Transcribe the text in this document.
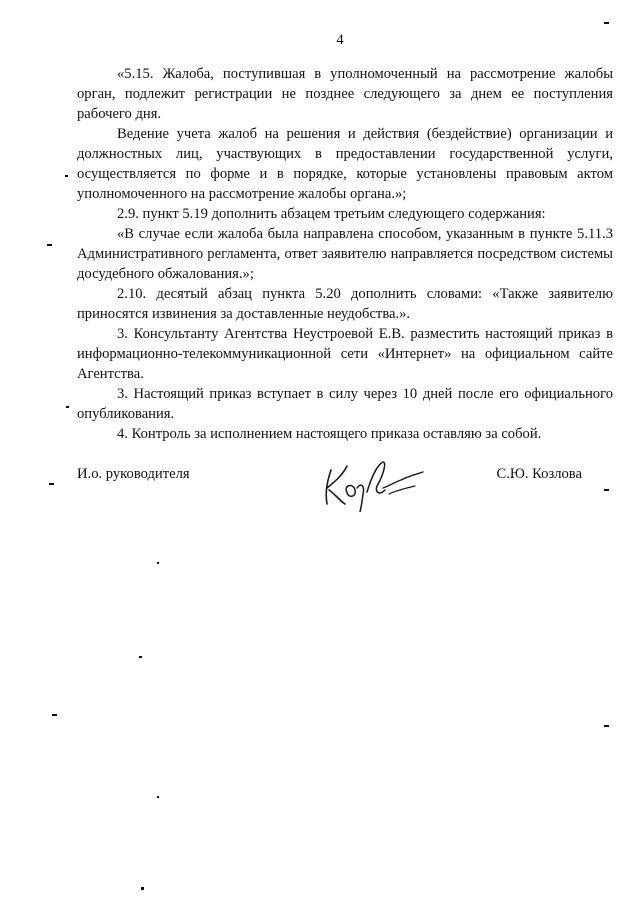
4

«5.15. Жалоба, поступившая в уполномоченный на рассмотрение жалобы орган, подлежит регистрации не позднее следующего за днем ее поступления рабочего дня.

Ведение учета жалоб на решения и действия (бездействие) организации и должностных лиц, участвующих в предоставлении государственной услуги, осуществляется по форме и в порядке, которые установлены правовым актом уполномоченного на рассмотрение жалобы органа.»;

2.9. пункт 5.19 дополнить абзацем третьим следующего содержания:

«В случае если жалоба была направлена способом, указанным в пункте 5.11.3 Административного регламента, ответ заявителю направляется посредством системы досудебного обжалования.»;

2.10. десятый абзац пункта 5.20 дополнить словами: «Также заявителю приносятся извинения за доставленные неудобства.».

3. Консультанту Агентства Неустроевой Е.В. разместить настоящий приказ в информационно-телекоммуникационной сети «Интернет» на официальном сайте Агентства.

3. Настоящий приказ вступает в силу через 10 дней после его официального опубликования.

4. Контроль за исполнением настоящего приказа оставляю за собой.

И.о. руководителя	С.Ю. Козлова
